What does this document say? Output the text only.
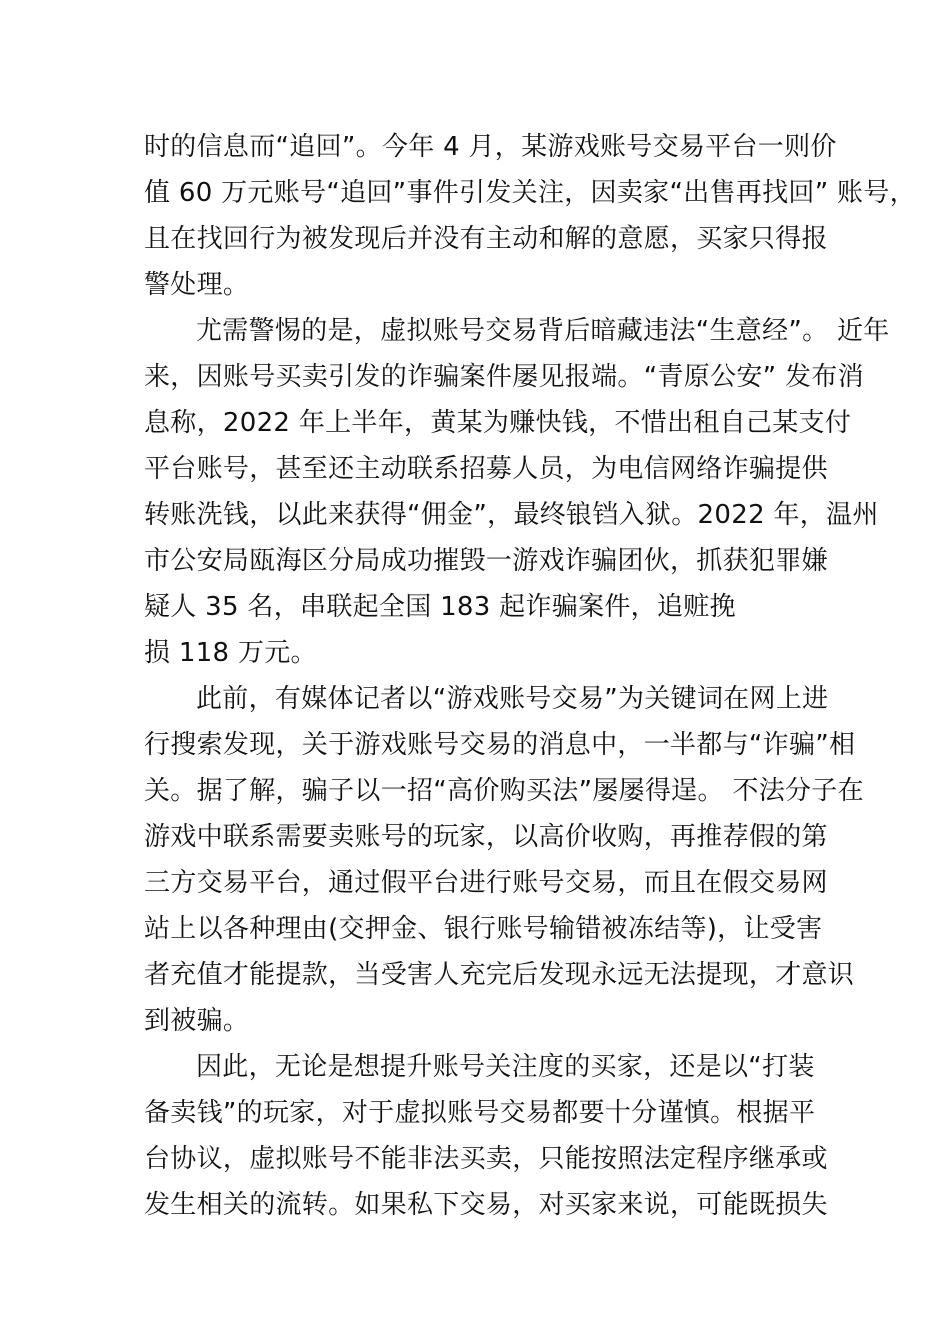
时的信息而“追回”。今年 4 月，某游戏账号交易平台一则价
值 60 万元账号“追回”事件引发关注，因卖家“出售再找回” 账号，
且在找回行为被发现后并没有主动和解的意愿，买家只得报
警处理。
尤需警惕的是，虚拟账号交易背后暗藏违法“生意经”。 近年
来，因账号买卖引发的诈骗案件屡见报端。“青原公安” 发布消
息称，2022 年上半年，黄某为赚快钱，不惜出租自己某支付
平台账号，甚至还主动联系招募人员，为电信网络诈骗提供
转账洗钱，以此来获得“佣金”，最终锒铛入狱。2022 年，温州
市公安局瓯海区分局成功摧毁一游戏诈骗团伙，抓获犯罪嫌
疑人 35 名，串联起全国 183 起诈骗案件，追赃挽
损 118 万元。
此前，有媒体记者以“游戏账号交易”为关键词在网上进
行搜索发现，关于游戏账号交易的消息中，一半都与“诈骗”相
关。据了解，骗子以一招“高价购买法”屡屡得逞。 不法分子在
游戏中联系需要卖账号的玩家，以高价收购，再推荐假的第
三方交易平台，通过假平台进行账号交易，而且在假交易网
站上以各种理由(交押金、银行账号输错被冻结等)，让受害
者充值才能提款，当受害人充完后发现永远无法提现，才意识
到被骗。
因此，无论是想提升账号关注度的买家，还是以“打装
备卖钱”的玩家，对于虚拟账号交易都要十分谨慎。根据平
台协议，虚拟账号不能非法买卖，只能按照法定程序继承或
发生相关的流转。如果私下交易，对买家来说，可能既损失
